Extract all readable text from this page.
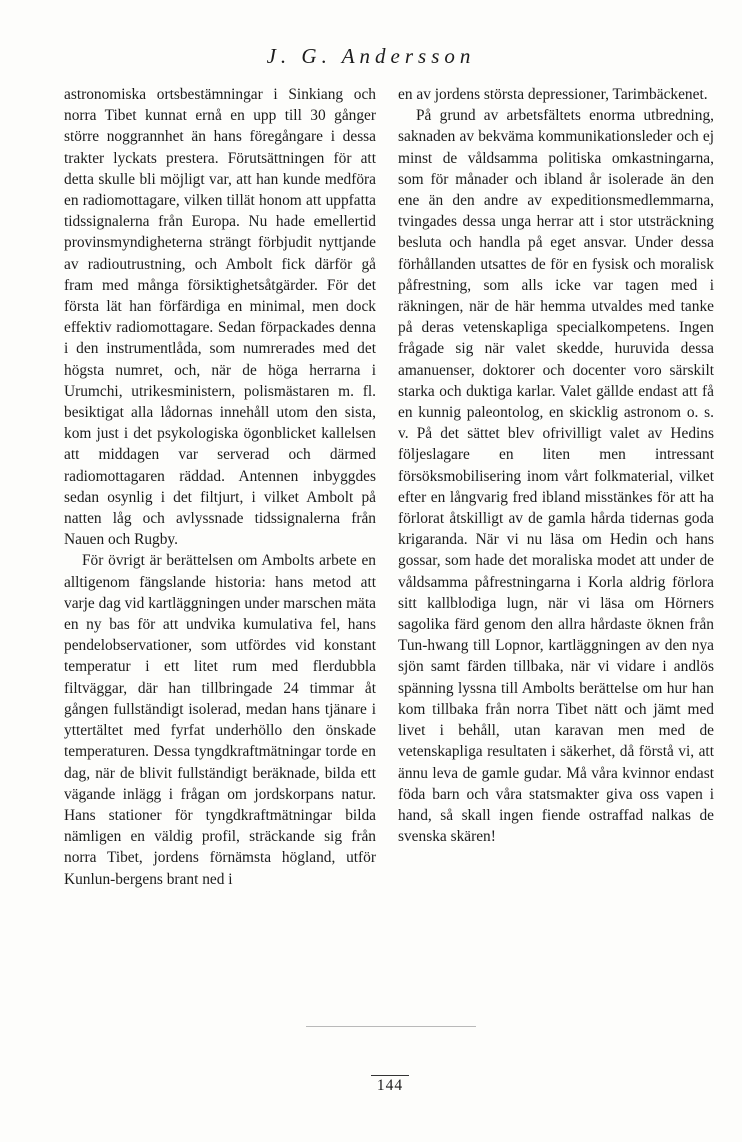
J. G. Andersson

astronomiska ortsbestämningar i Sinkiang och norra Tibet kunnat ernå en upp till 30 gånger större noggrannhet än hans föregångare i dessa trakter lyckats prestera. Förutsättningen för att detta skulle bli möjligt var, att han kunde medföra en radiomottagare, vilken tillät honom att uppfatta tidssignalerna från Europa. Nu hade emellertid provinsmyndigheterna strängt förbjudit nyttjande av radioutrustning, och Ambolt fick därför gå fram med många försiktighetsåtgärder. För det första lät han förfärdiga en minimal, men dock effektiv radiomottagare. Sedan förpackades denna i den instrumentlåda, som numrerades med det högsta numret, och, när de höga herrarna i Urumchi, utrikesministern, polismästaren m. fl. besiktigat alla lådornas innehåll utom den sista, kom just i det psykologiska ögonblicket kallelsen att middagen var serverad och därmed radiomottagaren räddad. Antennen inbyggdes sedan osynlig i det filtjurt, i vilket Ambolt på natten låg och avlyssnade tidssignalerna från Nauen och Rugby.

För övrigt är berättelsen om Ambolts arbete en alltigenom fängslande historia: hans metod att varje dag vid kartläggningen under marschen mäta en ny bas för att undvika kumulativa fel, hans pendelobservationer, som utfördes vid konstant temperatur i ett litet rum med flerdubbla filtväggar, där han tillbringade 24 timmar åt gången fullständigt isolerad, medan hans tjänare i yttertältet med fyrfat underhöllo den önskade temperaturen. Dessa tyngdkraftmätningar torde en dag, när de blivit fullständigt beräknade, bilda ett vägande inlägg i frågan om jordskorpans natur. Hans stationer för tyngdkraftmätningar bilda nämligen en väldig profil, sträckande sig från norra Tibet, jordens förnämsta högland, utför Kunlun-bergens brant ned i

en av jordens största depressioner, Tarimbäckenet.

På grund av arbetsfältets enorma utbredning, saknaden av bekväma kommunikationsleder och ej minst de våldsamma politiska omkastningarna, som för månader och ibland år isolerade än den ene än den andre av expeditionsmedlemmarna, tvingades dessa unga herrar att i stor utsträckning besluta och handla på eget ansvar. Under dessa förhållanden utsattes de för en fysisk och moralisk påfrestning, som alls icke var tagen med i räkningen, när de här hemma utvaldes med tanke på deras vetenskapliga specialkompetens. Ingen frågade sig när valet skedde, huruvida dessa amanuenser, doktorer och docenter voro särskilt starka och duktiga karlar. Valet gällde endast att få en kunnig paleontolog, en skicklig astronom o. s. v. På det sättet blev ofrivilligt valet av Hedins följeslagare en liten men intressant försöksmobilisering inom vårt folkmaterial, vilket efter en långvarig fred ibland misstänkes för att ha förlorat åtskilligt av de gamla hårda tidernas goda krigaranda. När vi nu läsa om Hedin och hans gossar, som hade det moraliska modet att under de våldsamma påfrestningarna i Korla aldrig förlora sitt kallblodiga lugn, när vi läsa om Hörners sagolika färd genom den allra hårdaste öknen från Tun-hwang till Lopnor, kartläggningen av den nya sjön samt färden tillbaka, när vi vidare i andlös spänning lyssna till Ambolts berättelse om hur han kom tillbaka från norra Tibet nätt och jämt med livet i behåll, utan karavan men med de vetenskapliga resultaten i säkerhet, då förstå vi, att ännu leva de gamle gudar. Må våra kvinnor endast föda barn och våra statsmakter giva oss vapen i hand, så skall ingen fiende ostraffad nalkas de svenska skären!

144
